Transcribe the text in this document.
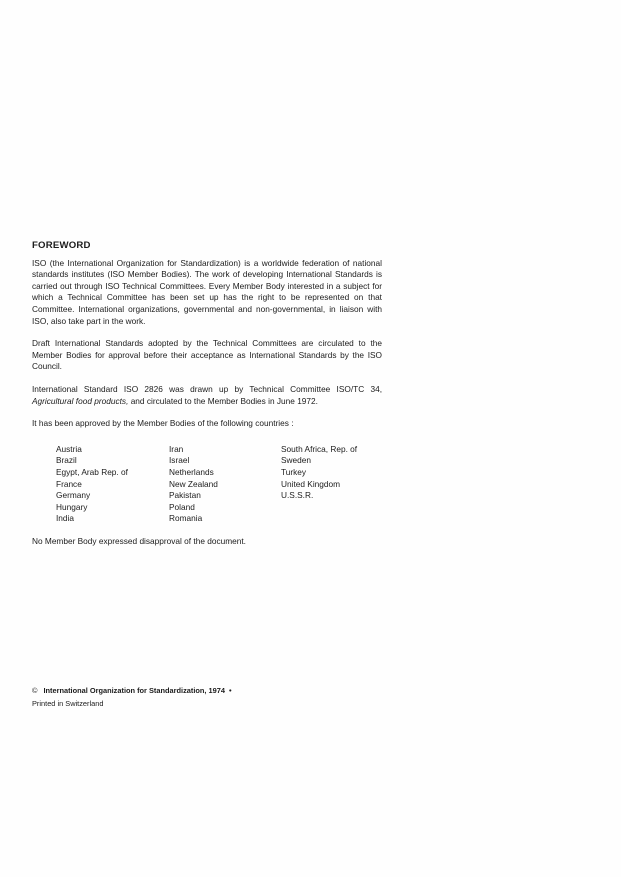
FOREWORD

ISO (the International Organization for Standardization) is a worldwide federation of national standards institutes (ISO Member Bodies). The work of developing International Standards is carried out through ISO Technical Committees. Every Member Body interested in a subject for which a Technical Committee has been set up has the right to be represented on that Committee. International organizations, governmental and non-governmental, in liaison with ISO, also take part in the work.

Draft International Standards adopted by the Technical Committees are circulated to the Member Bodies for approval before their acceptance as International Standards by the ISO Council.

International Standard ISO 2826 was drawn up by Technical Committee ISO/TC 34, Agricultural food products, and circulated to the Member Bodies in June 1972.

It has been approved by the Member Bodies of the following countries :

Austria
Brazil
Egypt, Arab Rep. of
France
Germany
Hungary
India
Iran
Israel
Netherlands
New Zealand
Pakistan
Poland
Romania
South Africa, Rep. of
Sweden
Turkey
United Kingdom
U.S.S.R.

No Member Body expressed disapproval of the document.

© International Organization for Standardization, 1974 •
Printed in Switzerland
